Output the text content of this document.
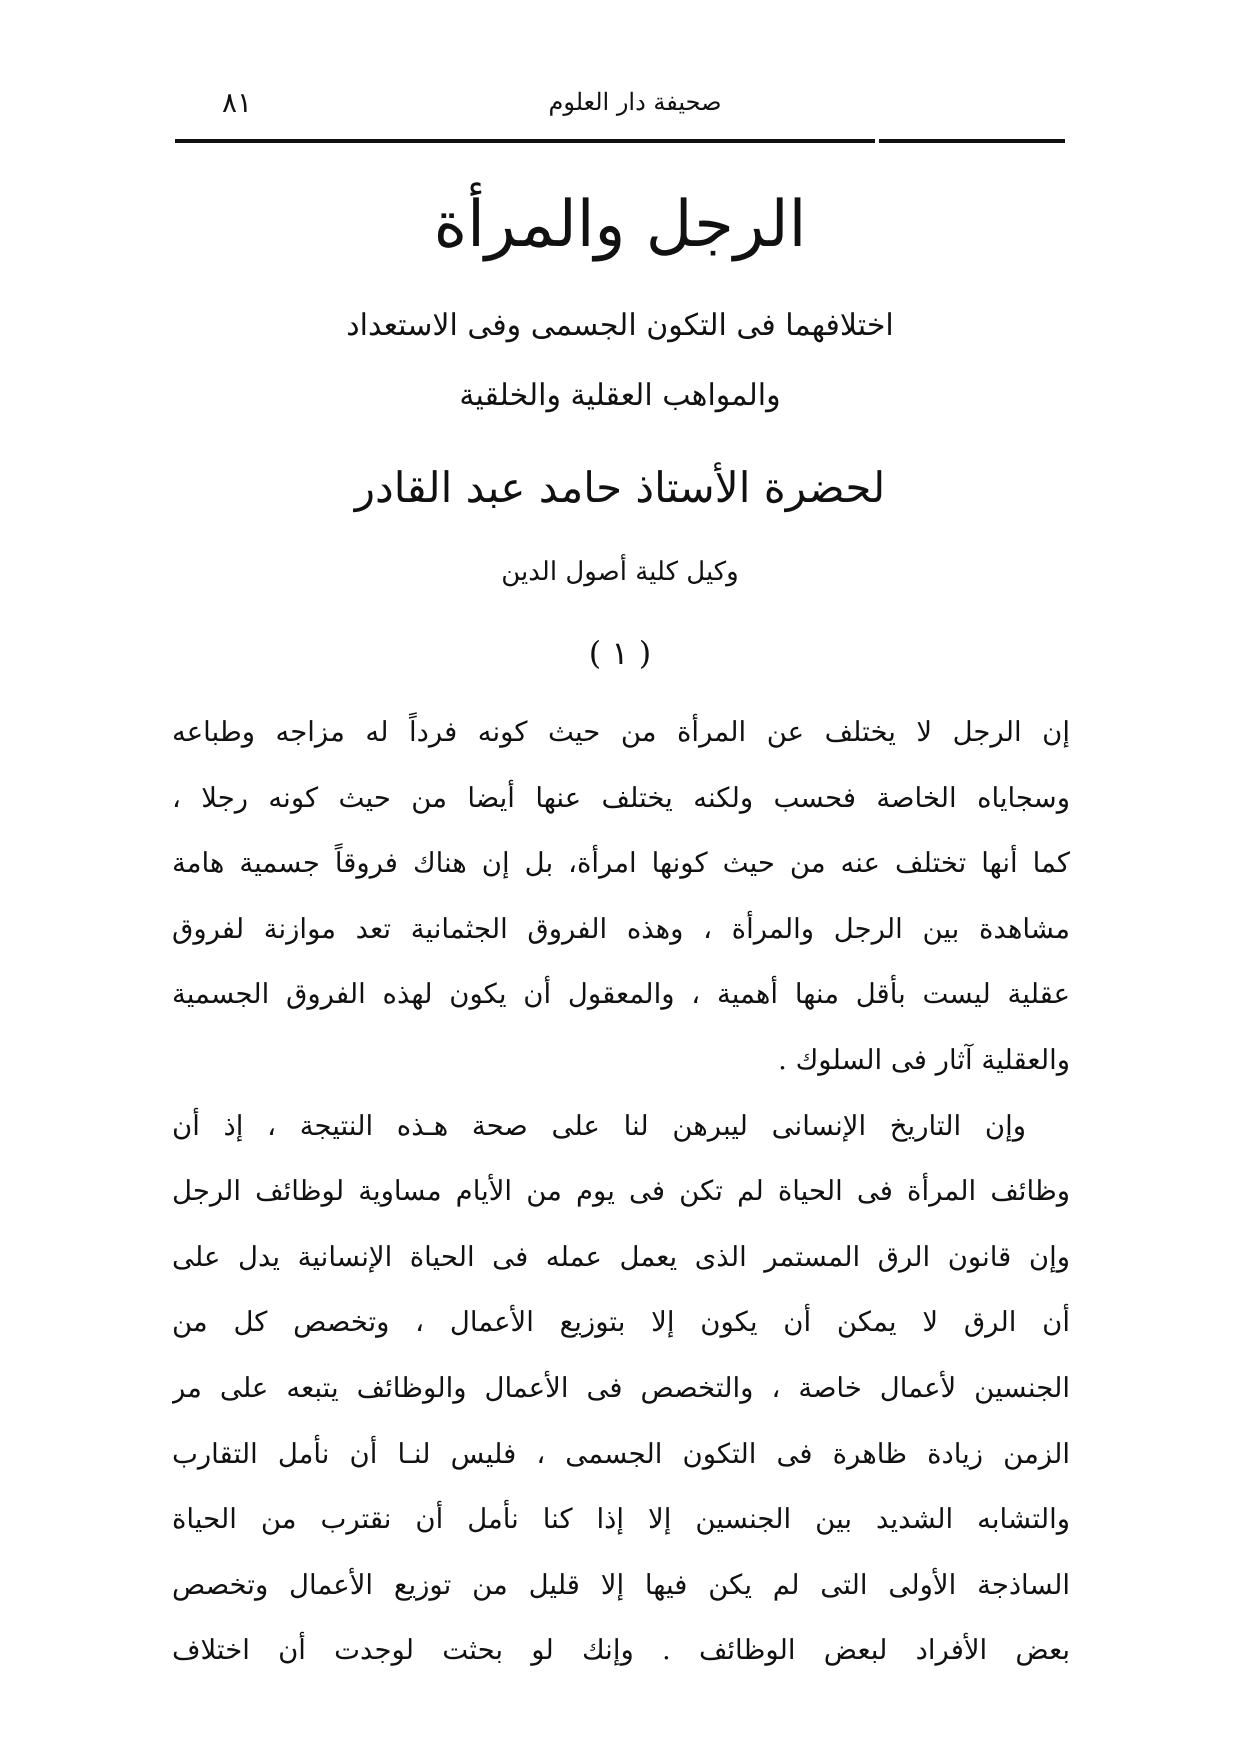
صحيفة دار العلوم
٨١
الرجل والمرأة
اختلافهما فى التكون الجسمى وفى الاستعداد
والمواهب العقلية والخلقية
لحضرة الأستاذ حامد عبد القادر
وكيل كلية أصول الدين
( ١ )
إن الرجل لا يختلف عن المرأة من حيث كونه فرداً له مزاجه وطباعه
وسجاياه الخاصة فحسب ولكنه يختلف عنها أيضا من حيث كونه رجلا ،
كما أنها تختلف عنه من حيث كونها امرأة، بل إن هناك فروقاً جسمية هامة
مشاهدة بين الرجل والمرأة ، وهذه الفروق الجثمانية تعد موازنة لفروق
عقلية ليست بأقل منها أهمية ، والمعقول أن يكون لهذه الفروق الجسمية
والعقلية آثار فى السلوك .
وإن التاريخ الإنسانى ليبرهن لنا على صحة هـذه النتيجة ، إذ أن
وظائف المرأة فى الحياة لم تكن فى يوم من الأيام مساوية لوظائف الرجل
وإن قانون الرق المستمر الذى يعمل عمله فى الحياة الإنسانية يدل على
أن الرق لا يمكن أن يكون إلا بتوزيع الأعمال ، وتخصص كل من
الجنسين لأعمال خاصة ، والتخصص فى الأعمال والوظائف يتبعه على مر
الزمن زيادة ظاهرة فى التكون الجسمى ، فليس لنـا أن نأمل التقارب
والتشابه الشديد بين الجنسين إلا إذا كنا نأمل أن نقترب من الحياة
الساذجة الأولى التى لم يكن فيها إلا قليل من توزيع الأعمال وتخصص
بعض الأفراد لبعض الوظائف . وإنك لو بحثت لوجدت أن اختلاف
